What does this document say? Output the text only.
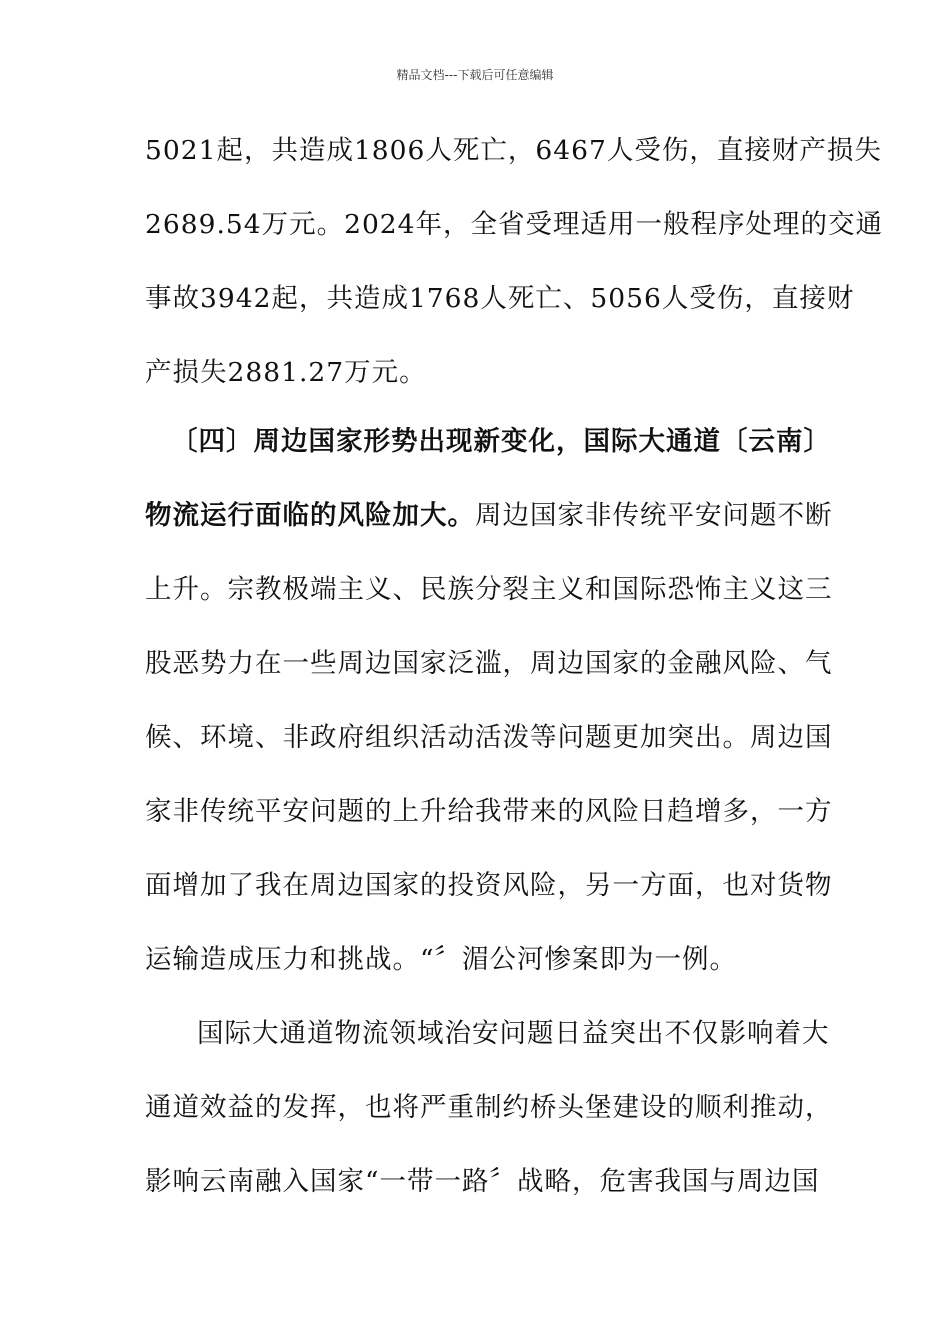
精品文档---下载后可任意编辑
5021起，共造成1806人死亡，6467人受伤，直接财产损失
2689.54万元。2024年，全省受理适用一般程序处理的交通
事故3942起，共造成1768人死亡、5056人受伤，直接财
产损失2881.27万元。
〔四〕周边国家形势出现新变化，国际大通道〔云南〕
物流运行面临的风险加大。周边国家非传统平安问题不断
上升。宗教极端主义、民族分裂主义和国际恐怖主义这三
股恶势力在一些周边国家泛滥，周边国家的金融风险、气
候、环境、非政府组织活动活泼等问题更加突出。周边国
家非传统平安问题的上升给我带来的风险日趋增多，一方
面增加了我在周边国家的投资风险，另一方面，也对货物
运输造成压力和挑战。“〞湄公河惨案即为一例。
国际大通道物流领域治安问题日益突出不仅影响着大
通道效益的发挥，也将严重制约桥头堡建设的顺利推动，
影响云南融入国家“一带一路〞战略，危害我国与周边国
